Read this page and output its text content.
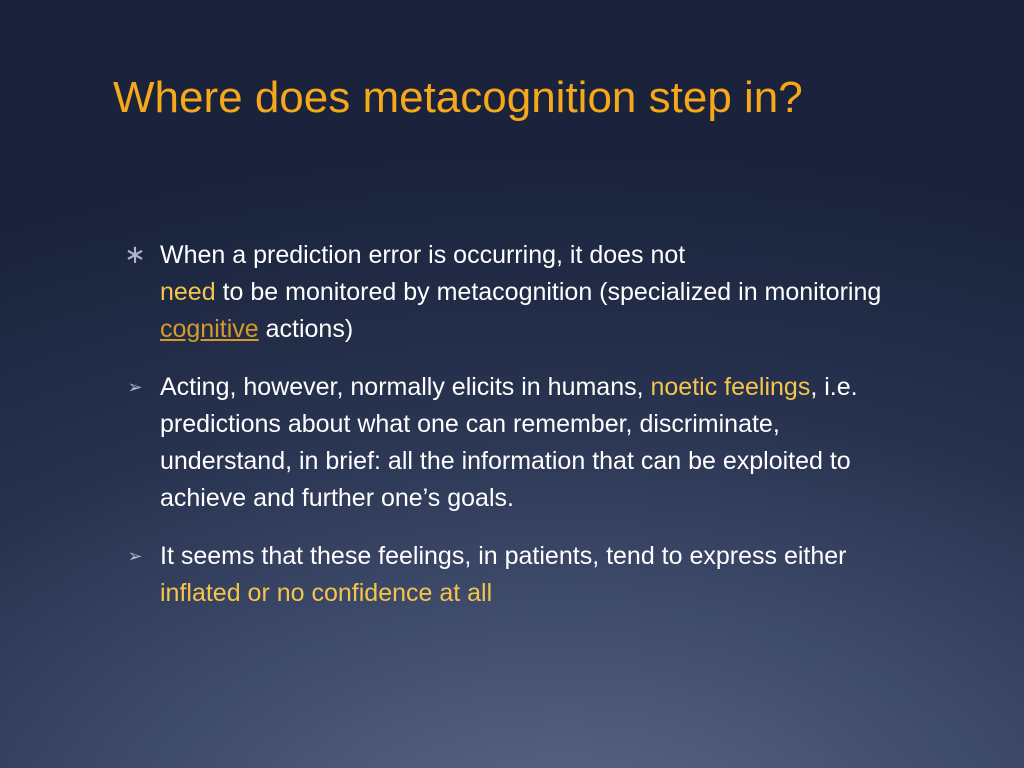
Where does metacognition step in?
∗ When a prediction error is occurring, it does not
need to be monitored by metacognition (specialized in monitoring cognitive actions)
➢ Acting, however, normally elicits in humans, noetic feelings, i.e. predictions about what one can remember, discriminate, understand, in brief: all the information that can be exploited to achieve and further one’s goals.
➢ It seems that these feelings, in patients, tend to express either inflated or no confidence at all
